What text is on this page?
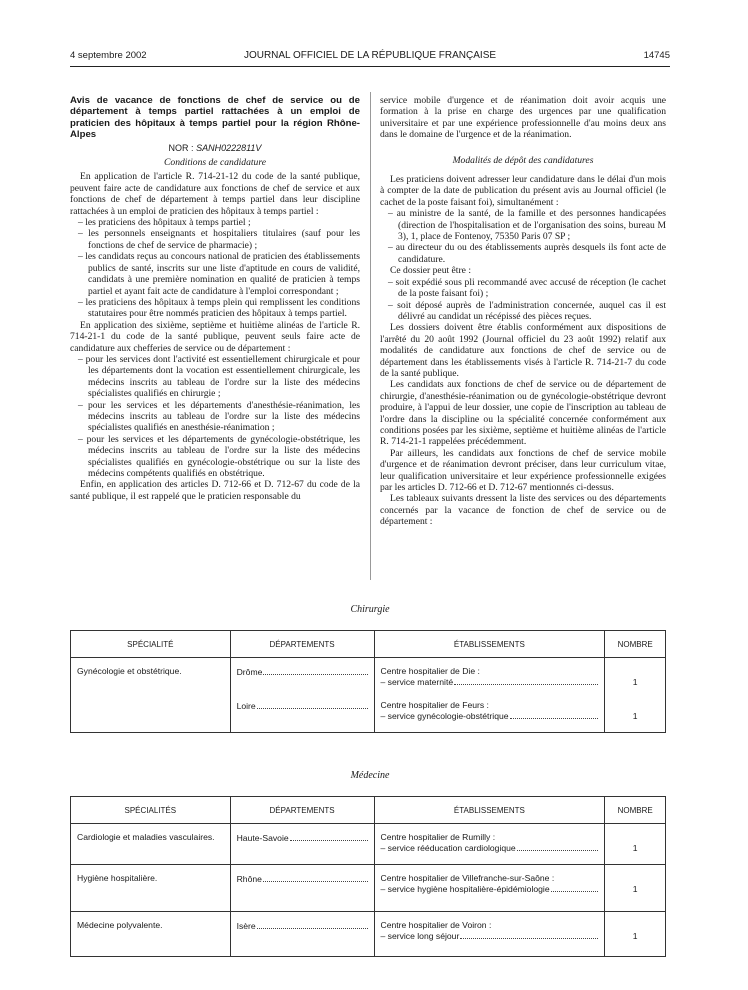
4 septembre 2002	JOURNAL OFFICIEL DE LA RÉPUBLIQUE FRANÇAISE	14745
Avis de vacance de fonctions de chef de service ou de département à temps partiel rattachées à un emploi de praticien des hôpitaux à temps partiel pour la région Rhône-Alpes
NOR : SANH0222811V
Conditions de candidature

En application de l'article R. 714-21-12 du code de la santé publique, peuvent faire acte de candidature aux fonctions de chef de service et aux fonctions de chef de département à temps partiel dans leur discipline rattachées à un emploi de praticien des hôpitaux à temps partiel :

– les praticiens des hôpitaux à temps partiel ;
– les personnels enseignants et hospitaliers titulaires (sauf pour les fonctions de chef de service de pharmacie) ;
– les candidats reçus au concours national de praticien des établissements publics de santé, inscrits sur une liste d'aptitude en cours de validité, candidats à une première nomination en qualité de praticien à temps partiel et ayant fait acte de candidature à l'emploi correspondant ;
– les praticiens des hôpitaux à temps plein qui remplissent les conditions statutaires pour être nommés praticien des hôpitaux à temps partiel.

En application des sixième, septième et huitième alinéas de l'article R. 714-21-1 du code de la santé publique, peuvent seuls faire acte de candidature aux chefferies de service ou de département :

– pour les services dont l'activité est essentiellement chirurgicale et pour les départements dont la vocation est essentiellement chirurgicale, les médecins inscrits au tableau de l'ordre sur la liste des médecins spécialistes qualifiés en chirurgie ;
– pour les services et les départements d'anesthésie-réanimation, les médecins inscrits au tableau de l'ordre sur la liste des médecins spécialistes qualifiés en anesthésie-réanimation ;
– pour les services et les départements de gynécologie-obstétrique, les médecins inscrits au tableau de l'ordre sur la liste des médecins spécialistes qualifiés en gynécologie-obstétrique ou sur la liste des médecins compétents qualifiés en obstétrique.

Enfin, en application des articles D. 712-66 et D. 712-67 du code de la santé publique, il est rappelé que le praticien responsable du

service mobile d'urgence et de réanimation doit avoir acquis une formation à la prise en charge des urgences par une qualification universitaire et par une expérience professionnelle d'au moins deux ans dans le domaine de l'urgence et de la réanimation.

Modalités de dépôt des candidatures

Les praticiens doivent adresser leur candidature dans le délai d'un mois à compter de la date de publication du présent avis au Journal officiel (le cachet de la poste faisant foi), simultanément :

– au ministre de la santé, de la famille et des personnes handicapées (direction de l'hospitalisation et de l'organisation des soins, bureau M 3), 1, place de Fontenoy, 75350 Paris 07 SP ;
– au directeur du ou des établissements auprès desquels ils font acte de candidature.

Ce dossier peut être :

– soit expédié sous pli recommandé avec accusé de réception (le cachet de la poste faisant foi) ;
– soit déposé auprès de l'administration concernée, auquel cas il est délivré au candidat un récépissé des pièces reçues.

Les dossiers doivent être établis conformément aux dispositions de l'arrêté du 20 août 1992 (Journal officiel du 23 août 1992) relatif aux modalités de candidature aux fonctions de chef de service ou de département dans les établissements visés à l'article R. 714-21-7 du code de la santé publique.

Les candidats aux fonctions de chef de service ou de département de chirurgie, d'anesthésie-réanimation ou de gynécologie-obstétrique devront produire, à l'appui de leur dossier, une copie de l'inscription au tableau de l'ordre dans la discipline ou la spécialité concernée conformément aux conditions posées par les sixième, septième et huitième alinéas de l'article R. 714-21-1 rappelées précédemment.

Par ailleurs, les candidats aux fonctions de chef de service mobile d'urgence et de réanimation devront préciser, dans leur curriculum vitae, leur qualification universitaire et leur expérience professionnelle exigées par les articles D. 712-66 et D. 712-67 mentionnés ci-dessus.

Les tableaux suivants dressent la liste des services ou des départements concernés par la vacance de fonction de chef de service ou de département :

Chirurgie
SPÉCIALITÉ	DÉPARTEMENTS	ÉTABLISSEMENTS	NOMBRE

Gynécologie et obstétrique.	Drôme	Centre hospitalier de Die :
– service maternité	1

	Loire	Centre hospitalier de Feurs :
– service gynécologie-obstétrique	1
Médecine
SPÉCIALITÉS	DÉPARTEMENTS	ÉTABLISSEMENTS	NOMBRE

Cardiologie et maladies vasculaires.	Haute-Savoie	Centre hospitalier de Rumilly :
– service rééducation cardiologique	1

Hygiène hospitalière.	Rhône	Centre hospitalier de Villefranche-sur-Saône :
– service hygiène hospitalière-épidémiologie	1

Médecine polyvalente.	Isère	Centre hospitalier de Voiron :
– service long séjour	1
